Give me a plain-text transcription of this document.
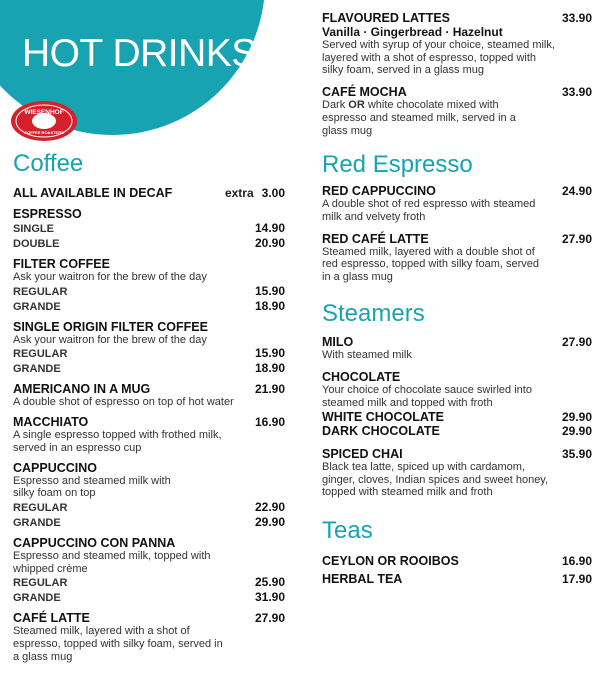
HOT DRINKS
WIESENHOF
COFFEE ROASTERS
Coffee
ALL AVAILABLE IN DECAF	extra 3.00
ESPRESSO
SINGLE	14.90
DOUBLE	20.90
FILTER COFFEE
Ask your waitron for the brew of the day
REGULAR	15.90
GRANDE	18.90
SINGLE ORIGIN FILTER COFFEE
Ask your waitron for the brew of the day
REGULAR	15.90
GRANDE	18.90
AMERICANO IN A MUG	21.90
A double shot of espresso on top of hot water
MACCHIATO	16.90
A single espresso topped with frothed milk, served in an espresso cup
CAPPUCCINO
Espresso and steamed milk with silky foam on top
REGULAR	22.90
GRANDE	29.90
CAPPUCCINO CON PANNA
Espresso and steamed milk, topped with whipped crème
REGULAR	25.90
GRANDE	31.90
CAFÉ LATTE	27.90
Steamed milk, layered with a shot of espresso, topped with silky foam, served in a glass mug
FLAVOURED LATTES	33.90
Vanilla · Gingerbread · Hazelnut
Served with syrup of your choice, steamed milk, layered with a shot of espresso, topped with silky foam, served in a glass mug
CAFÉ MOCHA	33.90
Dark OR white chocolate mixed with espresso and steamed milk, served in a glass mug
Red Espresso
RED CAPPUCCINO	24.90
A double shot of red espresso with steamed milk and velvety froth
RED CAFÉ LATTE	27.90
Steamed milk, layered with a double shot of red espresso, topped with silky foam, served in a glass mug
Steamers
MILO	27.90
With steamed milk
CHOCOLATE
Your choice of chocolate sauce swirled into steamed milk and topped with froth
WHITE CHOCOLATE	29.90
DARK CHOCOLATE	29.90
SPICED CHAI	35.90
Black tea latte, spiced up with cardamom, ginger, cloves, Indian spices and sweet honey, topped with steamed milk and froth
Teas
CEYLON OR ROOIBOS	16.90
HERBAL TEA	17.90
